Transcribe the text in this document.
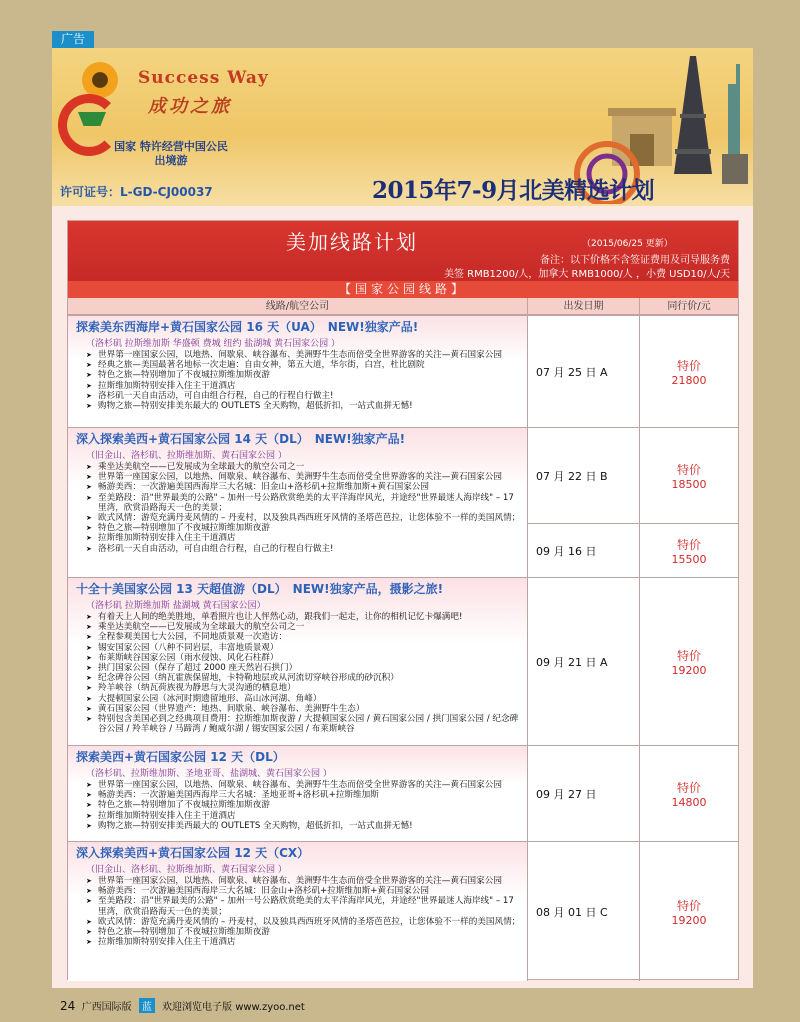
广告
Success Way
成功之旅
国家 特许经营中国公民
出境游
许可证号：L-GD-CJ00037	2015年7-9月北美精选计划
美加线路计划	（2015/06/25 更新）
备注：以下价格不含签证费用及司导服务费
美签 RMB1200/人，加拿大 RMB1000/人 ，小费 USD10/人/天
【国家公园线路】
线路/航空公司	出发日期	同行价/元
探索美东西海岸+黄石国家公园 16 天（UA）　NEW!独家产品!
（洛杉矶 拉斯维加斯 华盛顿 费城 纽约 盐湖城 黄石国家公园 ）
➤ 世界第一座国家公园，以地热、间歇泉、峡谷瀑布、美洲野牛生态而倍受全世界游客的关注—黄石国家公园
➤ 经典之旅—美国最著名地标一次走遍：自由女神，第五大道，华尔街，白宫，杜比剧院
➤ 特色之旅—特别增加了不夜城拉斯维加斯夜游
➤ 拉斯维加斯特别安排入住主干道酒店
➤ 洛杉矶一天自由活动，可自由组合行程，自己的行程自行做主!
➤ 购物之旅—特别安排美东最大的 OUTLETS 全天购物，超低折扣，一站式血拼无憾!
07 月 25 日 A	特价
21800
深入探索美西+黄石国家公园 14 天（DL）　NEW!独家产品!
（旧金山、洛杉矶、拉斯维加斯、黄石国家公园 ）
➤ 乘坐达美航空——已发展成为全球最大的航空公司之一
➤ 世界第一座国家公园，以地热、间歇泉、峡谷瀑布、美洲野牛生态而倍受全世界游客的关注—黄石国家公园
➤ 畅游美西：一次游遍美国西海岸三大名城：旧金山+洛杉矶+拉斯维加斯+黄石国家公园
➤ 至美路段：沿"世界最美的公路" – 加州一号公路欣赏绝美的太平洋海岸风光，并途经"世界最迷人海岸线" – 17 里湾，欣赏沿路海天一色的美景；
➤ 欧式风情：游览充满丹麦风情的 – 丹麦村，以及独具西西班牙风情的圣塔芭芭拉，让您体验不一样的美国风情；
➤ 特色之旅—特别增加了不夜城拉斯维加斯夜游
➤ 拉斯维加斯特别安排入住主干道酒店
➤ 洛杉矶一天自由活动，可自由组合行程，自己的行程自行做主!
07 月 22 日 B	特价
18500
09 月 16 日	特价
15500
十全十美国家公园 13 天超值游（DL）　NEW!独家产品，摄影之旅!
（洛杉矶 拉斯维加斯 盐湖城 黄石国家公园）
➤ 有着天上人间的绝美胜地，单看照片也让人怦然心动，跟我们一起走，让你的相机记忆卡爆满吧!
➤ 乘坐达美航空——已发展成为全球最大的航空公司之一
➤ 全程参观美国七大公园，不同地质景观一次造访：
➤ 锡安国家公园（八种不同岩层，丰富地质景观）
➤ 布莱斯峡谷国家公园（雨水侵蚀、风化石柱群）
➤ 拱门国家公园（保存了超过 2000 座天然岩石拱门）
➤ 纪念碑谷公园（纳瓦霍族保留地，卡特勒地层或从河流切穿峡谷形成的砂沉积）
➤ 羚羊峡谷（纳瓦荷族视为静思与大灵沟通的栖息地）
➤ 大提顿国家公园（冰河时期遗留地形、高山冰河湖、角峰）
➤ 黄石国家公园（世界遗产：地热、间歇泉、峡谷瀑布、美洲野牛生态）
➤ 特别包含美国必到之经典项目费用：拉斯维加斯夜游 / 大提顿国家公园 / 黄石国家公园 / 拱门国家公园 / 纪念碑谷公园 / 羚羊峡谷 / 马蹄湾 / 鲍威尔湖 / 锡安国家公园 / 布莱斯峡谷
09 月 21 日 A	特价
19200
探索美西+黄石国家公园 12 天（DL）
（洛杉矶、拉斯维加斯、圣地亚哥、盐湖城、黄石国家公园 ）
➤ 世界第一座国家公园，以地热、间歇泉、峡谷瀑布、美洲野牛生态而倍受全世界游客的关注—黄石国家公园
➤ 畅游美西：一次游遍美国西海岸三大名城：圣地亚哥+洛杉矶+拉斯维加斯
➤ 特色之旅—特别增加了不夜城拉斯维加斯夜游
➤ 拉斯维加斯特别安排入住主干道酒店
➤ 购物之旅—特别安排美西最大的 OUTLETS 全天购物，超低折扣，一站式血拼无憾!
09 月 27 日	特价
14800
深入探索美西+黄石国家公园 12 天（CX）
（旧金山、洛杉矶、拉斯维加斯、黄石国家公园 ）
➤ 世界第一座国家公园，以地热、间歇泉、峡谷瀑布、美洲野牛生态而倍受全世界游客的关注—黄石国家公园
➤ 畅游美西：一次游遍美国西海岸三大名城：旧金山+洛杉矶+拉斯维加斯+黄石国家公园
➤ 至美路段：沿"世界最美的公路" – 加州一号公路欣赏绝美的太平洋海岸风光，并途经"世界最迷人海岸线" – 17 里湾，欣赏沿路海天一色的美景；
➤ 欧式风情：游览充满丹麦风情的 – 丹麦村，以及独具西西班牙风情的圣塔芭芭拉，让您体验不一样的美国风情；
➤ 特色之旅—特别增加了不夜城拉斯维加斯夜游
➤ 拉斯维加斯特别安排入住主干道酒店
08 月 01 日 C	特价
19200
24 广西国际版 蓝 欢迎浏览电子版 www.zyoo.net
